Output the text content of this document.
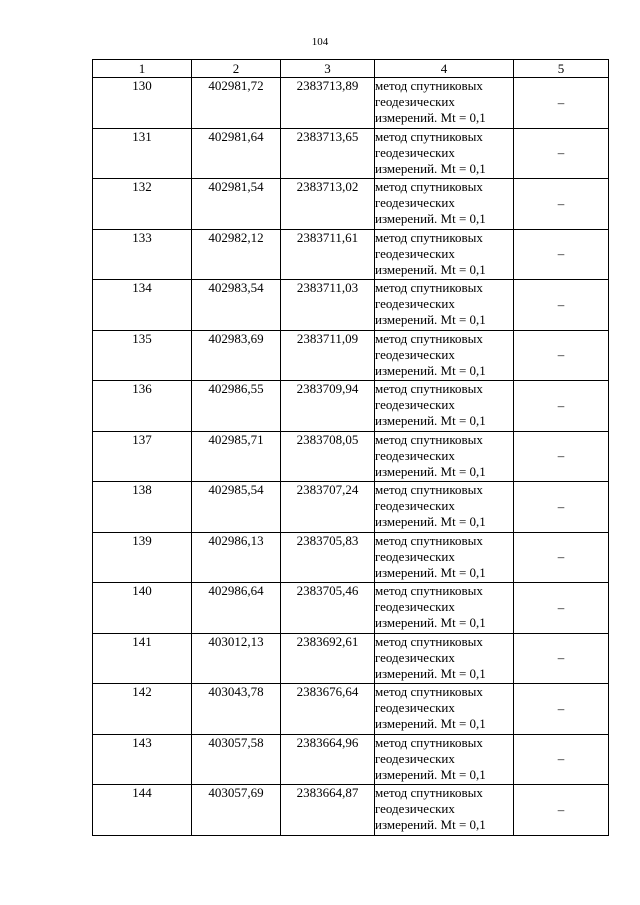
104
1	2	3	4	5
130	402981,72	2383713,89	метод спутниковых
геодезических
измерений. Mt = 0,1	–
131	402981,64	2383713,65	метод спутниковых
геодезических
измерений. Mt = 0,1	–
132	402981,54	2383713,02	метод спутниковых
геодезических
измерений. Mt = 0,1	–
133	402982,12	2383711,61	метод спутниковых
геодезических
измерений. Mt = 0,1	–
134	402983,54	2383711,03	метод спутниковых
геодезических
измерений. Mt = 0,1	–
135	402983,69	2383711,09	метод спутниковых
геодезических
измерений. Mt = 0,1	–
136	402986,55	2383709,94	метод спутниковых
геодезических
измерений. Mt = 0,1	–
137	402985,71	2383708,05	метод спутниковых
геодезических
измерений. Mt = 0,1	–
138	402985,54	2383707,24	метод спутниковых
геодезических
измерений. Mt = 0,1	–
139	402986,13	2383705,83	метод спутниковых
геодезических
измерений. Mt = 0,1	–
140	402986,64	2383705,46	метод спутниковых
геодезических
измерений. Mt = 0,1	–
141	403012,13	2383692,61	метод спутниковых
геодезических
измерений. Mt = 0,1	–
142	403043,78	2383676,64	метод спутниковых
геодезических
измерений. Mt = 0,1	–
143	403057,58	2383664,96	метод спутниковых
геодезических
измерений. Mt = 0,1	–
144	403057,69	2383664,87	метод спутниковых
геодезических
измерений. Mt = 0,1	–
